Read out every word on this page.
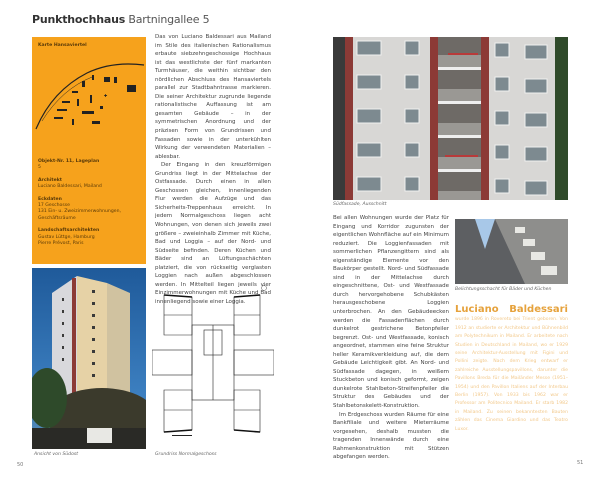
Punkthochhaus Bartningallee 5
Karte Hansaviertel
✚
Objekt-Nr. 11, Lageplan
5
Architekt
Luciano Baldessari, Mailand
Eckdaten
17 Geschosse
131 Ein- u. Zweizimmerwohnungen, Geschäftsräume
Landschaftsarchitekten
Gustav Lüttge, Hamburg
Pierre Prévost, Paris

Das von Luciano Baldessari aus Mailand im Stile des italienischen Rationalismus erbaute siebzehngeschossige Hochhaus ist das westlichste der fünf markanten Turmhäuser, die weithin sichtbar den nördlichen Abschluss des Hansaviertels parallel zur Stadtbahntrasse markieren. Die seiner Architektur zugrunde liegende rationalistische Auffassung ist am gesamten Gebäude – in der symmetrischen Anordnung und der präzisen Form von Grundrissen und Fassaden sowie in der unterkühlten Wirkung der verwendeten Materialien – ablesbar.

Der Eingang in den kreuzförmigen Grundriss liegt in der Mittelachse der Ostfassade. Durch einen in allen Geschossen gleichen, innenliegenden Flur werden die Aufzüge und das Sicherheits-Treppenhaus erreicht. In jedem Normalgeschoss liegen acht Wohnungen, von denen sich jeweils zwei größere – zweieinhalb Zimmer mit Küche, Bad und Loggia – auf der Nord- und Südseite befinden. Deren Küchen und Bäder sind an Lüftungsschächten platziert, die von rückseitig verglasten Loggien nach außen abgeschlossen werden. In Mittelteil liegen jeweils vier Einzimmerwohnungen mit Küche und Bad innenliegend sowie einer Loggia.

Südfassade, Ausschnitt

Bei allen Wohnungen wurde der Platz für Eingang und Korridor zugunsten der eigentlichen Wohnfläche auf ein Minimum reduziert. Die Loggienfassaden mit sommerlichen Pflanzengittern sind als eigenständige Elemente vor den Baukörper gestellt. Nord- und Südfassade sind in der Mittelachse durch eingeschnittene, Ost- und Westfassade durch hervorgehobene Schubkästen herausgeschobene Loggien unterbrochen. An den Gebäudeecken werden die Fassadenflächen durch dunkelrot gestrichene Betonpfeiler begrenzt. Ost- und Westfassade, konisch angeordnet, stammen eine feine Struktur heller Keramikverkleidung auf, die dem Gebäude Leichtigkeit gibt. An Nord- und Südfassade dagegen, in weißem Stuckbeton und konisch geformt, zeigen dunkelrote Stahlbeton-Streifenpfeiler die Struktur des Gebäudes und der Stahlbetonskelett-Konstruktion.

Im Erdgeschoss wurden Räume für eine Bankfiliale und weitere Mieterräume vorgesehen, deshalb mussten die tragenden Innenwände durch eine Rahmenkonstruktion mit Stützen abgefangen werden.

Belichtungsschacht für Bäder und Küchen
Luciano Baldessari wurde 1896 in Rovereto bei Trient geboren. Von 1912 an studierte er Architektur und Bühnenbild am Polytechnikum in Mailand. Er arbeitete nach Studien in Deutschland in Mailand, wo er 1929 seine Architektur-Ausstellung mit Figini und Pollini zeigte. Nach dem Krieg entwarf er zahlreiche Ausstellungspavillons, darunter die Pavillons Breda für die Mailänder Messe (1951–1954) und den Pavillon Italiens auf der Interbau Berlin (1957). Von 1933 bis 1962 war er Professor am Politecnico Mailand. Er starb 1982 in Mailand. Zu seinen bekanntesten Bauten zählen das Cinema Giardino und das Teatro Luxor.
Ansicht von Südost	Grundriss Normalgeschoss
50	51
